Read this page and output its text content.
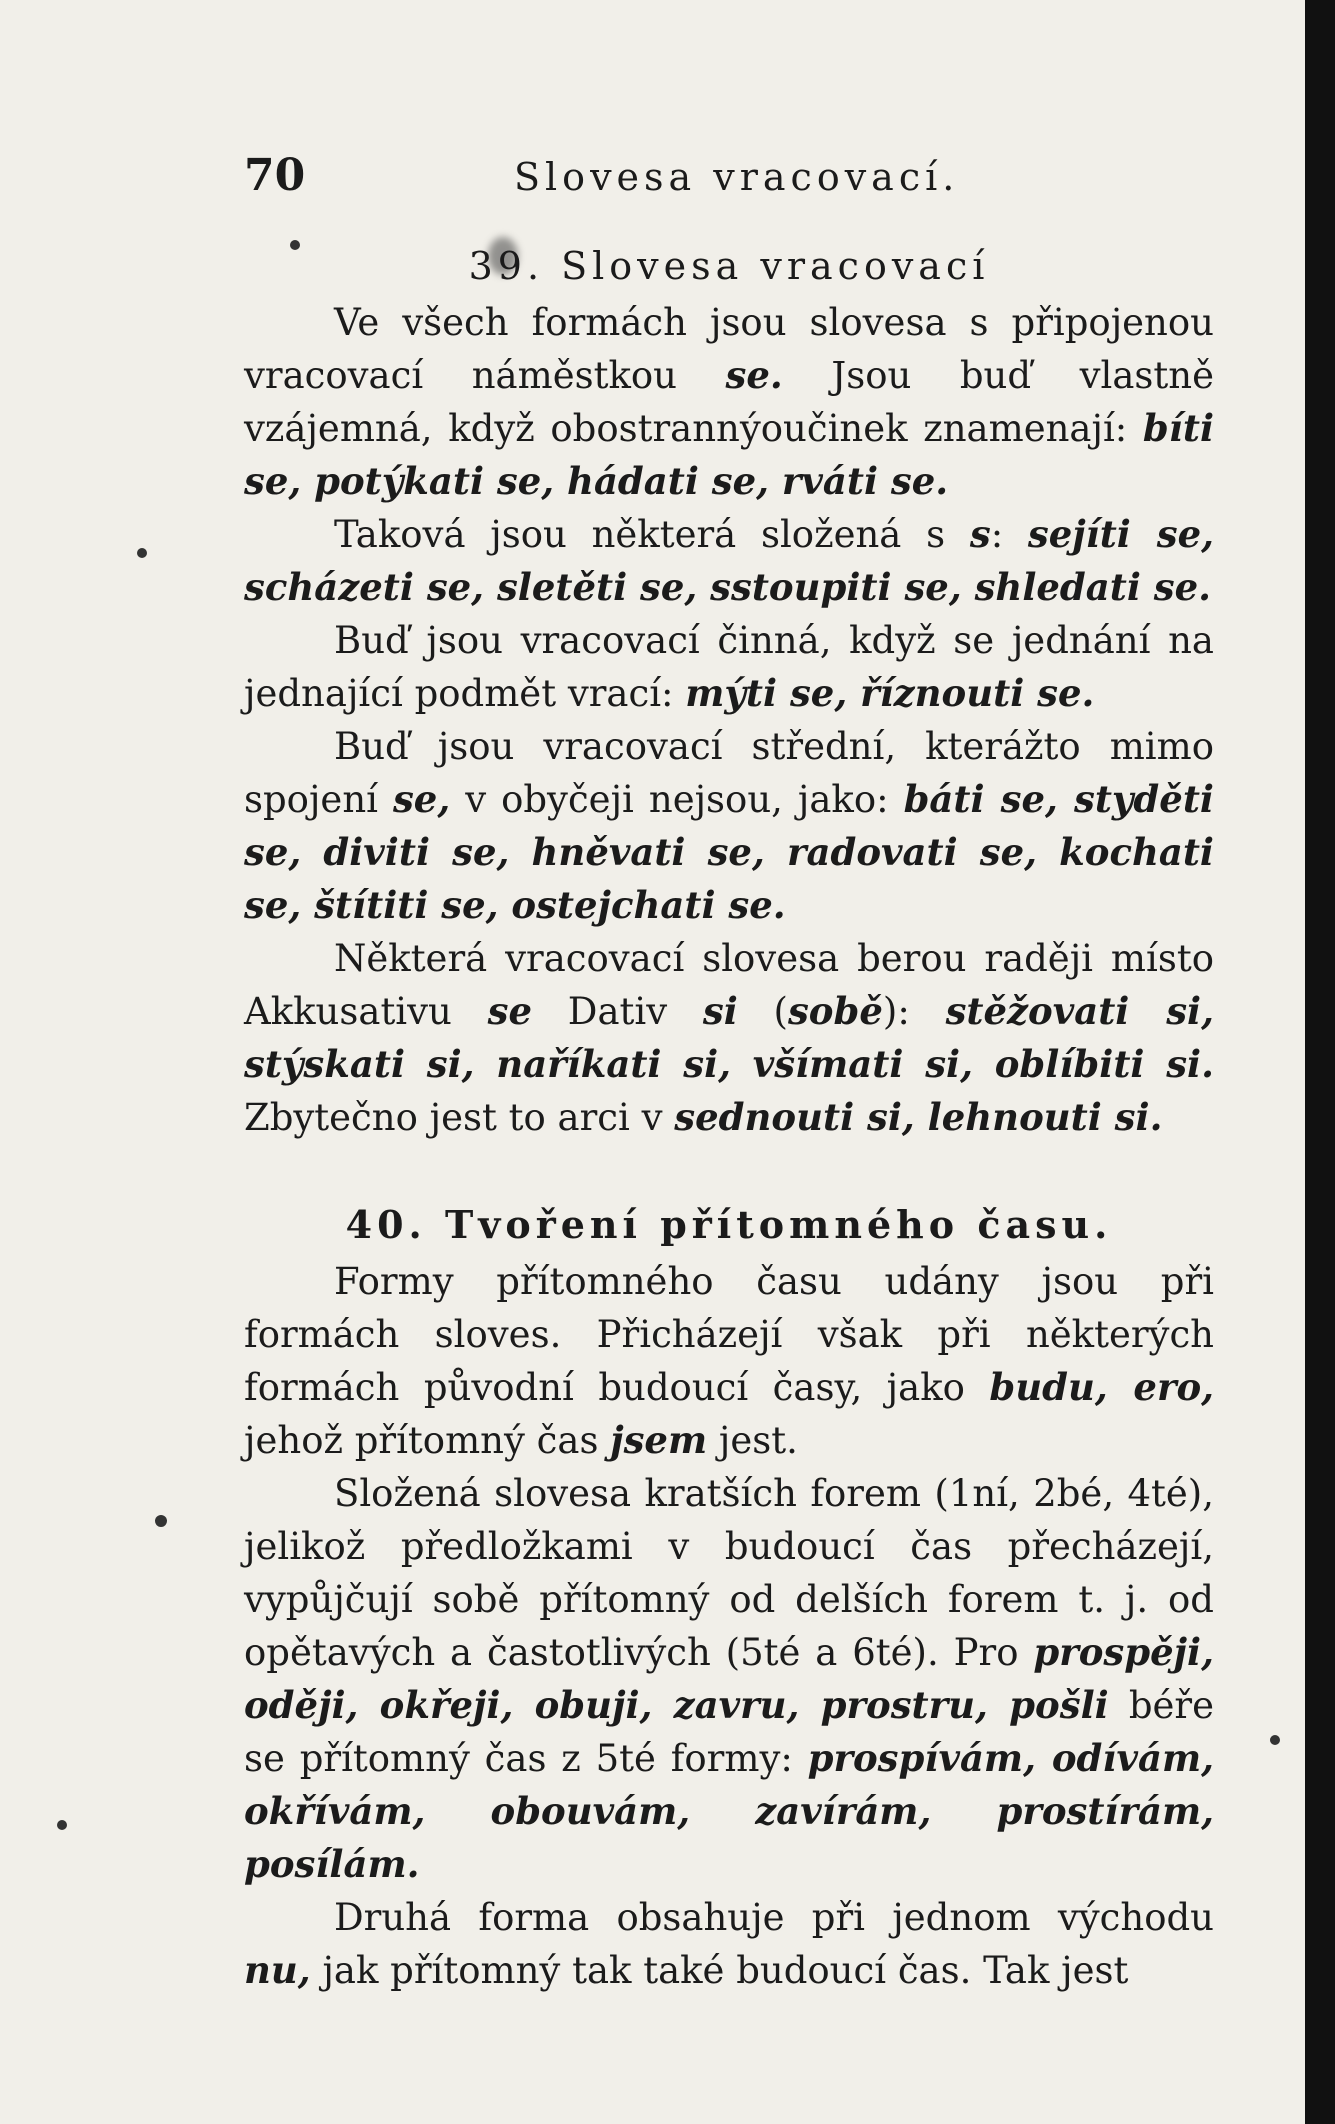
70	Slovesa vracovací.
39. Slovesa vracovací

Ve všech formách jsou slovesa s připojenou vracovací náměstkou se. Jsou buď vlastně vzájemná, když obostrannýoučinek znamenají: bíti se, potýkati se, hádati se, rváti se.

Taková jsou některá složená s s: sejíti se, scházeti se, sletěti se, sstoupiti se, shledati se.

Buď jsou vracovací činná, když se jednání na jednající podmět vrací: mýti se, říznouti se.

Buď jsou vracovací střední, kterážto mimo spojení se, v obyčeji nejsou, jako: báti se, styděti se, diviti se, hněvati se, radovati se, kochati se, štítiti se, ostejchati se.

Některá vracovací slovesa berou raději místo Akkusativu se Dativ si (sobě): stěžovati si, stýskati si, naříkati si, všímati si, oblíbiti si. Zbytečno jest to arci v sednouti si, lehnouti si.

40. Tvoření přítomného času.

Formy přítomného času udány jsou při formách sloves. Přicházejí však při některých formách původní budoucí časy, jako budu, ero, jehož přítomný čas jsem jest.

Složená slovesa kratších forem (1ní, 2bé, 4té), jelikož předložkami v budoucí čas přecházejí, vypůjčují sobě přítomný od delších forem t. j. od opětavých a častotlivých (5té a 6té). Pro prospěji, oději, okřeji, obuji, zavru, prostru, pošli béře se přítomný čas z 5té formy: prospívám, odívám, okřívám, obouvám, zavírám, prostírám, posílám.

Druhá forma obsahuje při jednom východu nu, jak přítomný tak také budoucí čas. Tak jest
